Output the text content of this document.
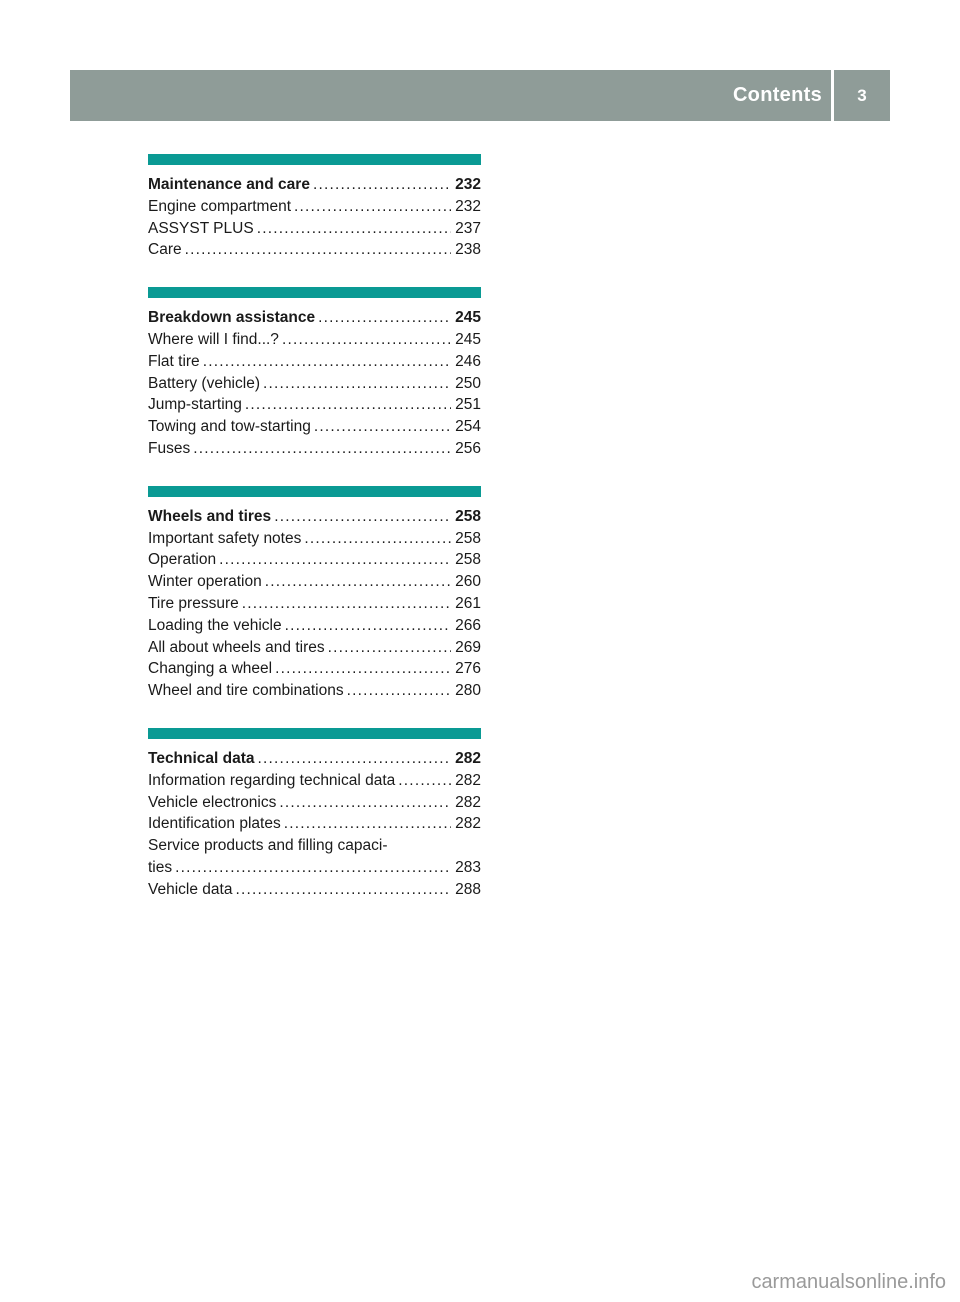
Contents	3
Maintenance and care .....	232
Engine compartment .....	232
ASSYST PLUS .....	237
Care .....	238
Breakdown assistance .....	245
Where will I find...? .....	245
Flat tire .....	246
Battery (vehicle) .....	250
Jump-starting .....	251
Towing and tow-starting .....	254
Fuses .....	256
Wheels and tires .....	258
Important safety notes .....	258
Operation .....	258
Winter operation .....	260
Tire pressure .....	261
Loading the vehicle .....	266
All about wheels and tires .....	269
Changing a wheel .....	276
Wheel and tire combinations .....	280
Technical data .....	282
Information regarding technical data .....	282
Vehicle electronics .....	282
Identification plates .....	282
Service products and filling capaci-
ties .....	283
Vehicle data .....	288
carmanualsonline.info
